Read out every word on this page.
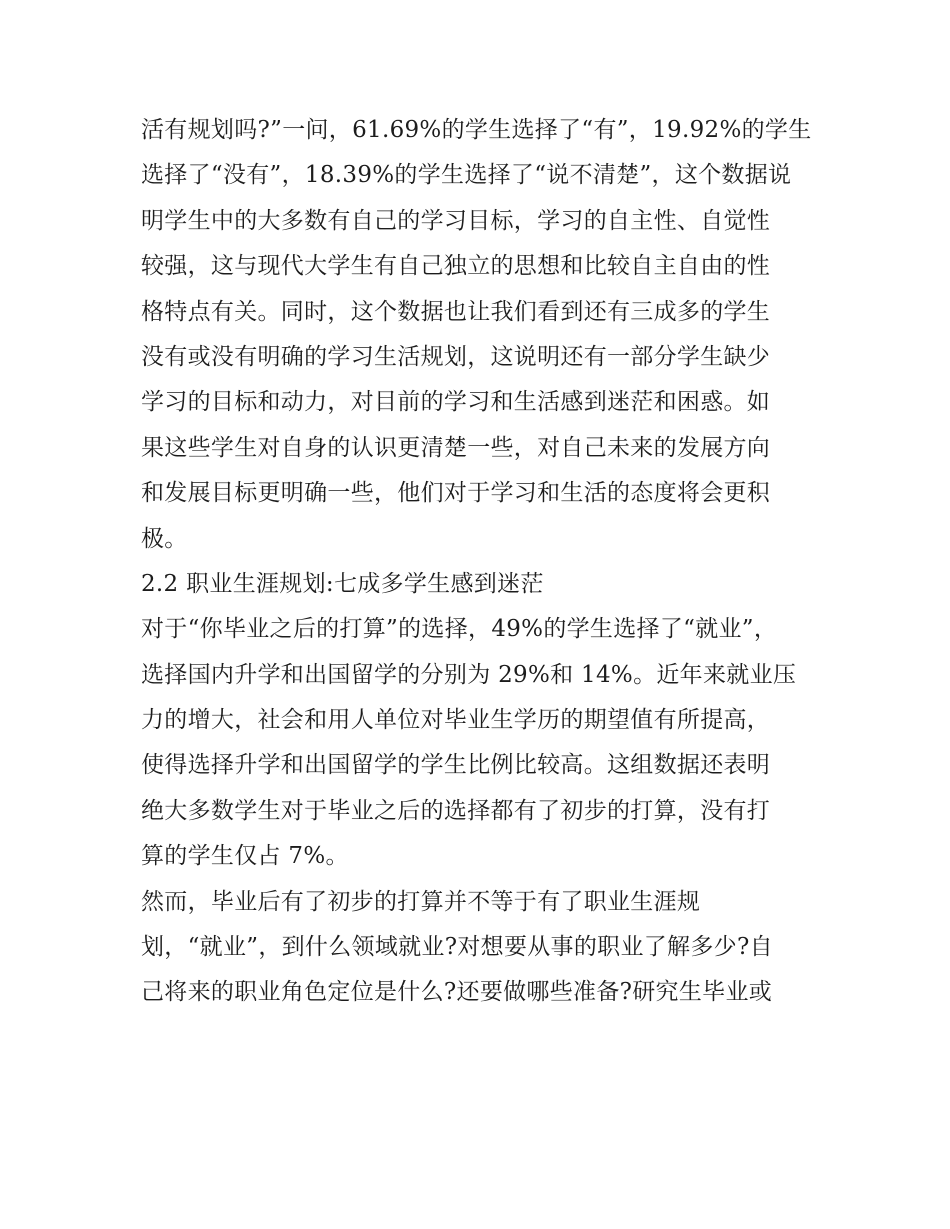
活有规划吗?”一问，61.69%的学生选择了“有”，19.92%的学生
选择了“没有”，18.39%的学生选择了“说不清楚”，这个数据说
明学生中的大多数有自己的学习目标，学习的自主性、自觉性
较强，这与现代大学生有自己独立的思想和比较自主自由的性
格特点有关。同时，这个数据也让我们看到还有三成多的学生
没有或没有明确的学习生活规划，这说明还有一部分学生缺少
学习的目标和动力，对目前的学习和生活感到迷茫和困惑。如
果这些学生对自身的认识更清楚一些，对自己未来的发展方向
和发展目标更明确一些，他们对于学习和生活的态度将会更积
极。
2.2 职业生涯规划:七成多学生感到迷茫
对于“你毕业之后的打算”的选择，49%的学生选择了“就业”，
选择国内升学和出国留学的分别为 29%和 14%。近年来就业压
力的增大，社会和用人单位对毕业生学历的期望值有所提高，
使得选择升学和出国留学的学生比例比较高。这组数据还表明
绝大多数学生对于毕业之后的选择都有了初步的打算，没有打
算的学生仅占 7%。
然而，毕业后有了初步的打算并不等于有了职业生涯规
划，“就业”，到什么领域就业?对想要从事的职业了解多少?自
己将来的职业角色定位是什么?还要做哪些准备?研究生毕业或
